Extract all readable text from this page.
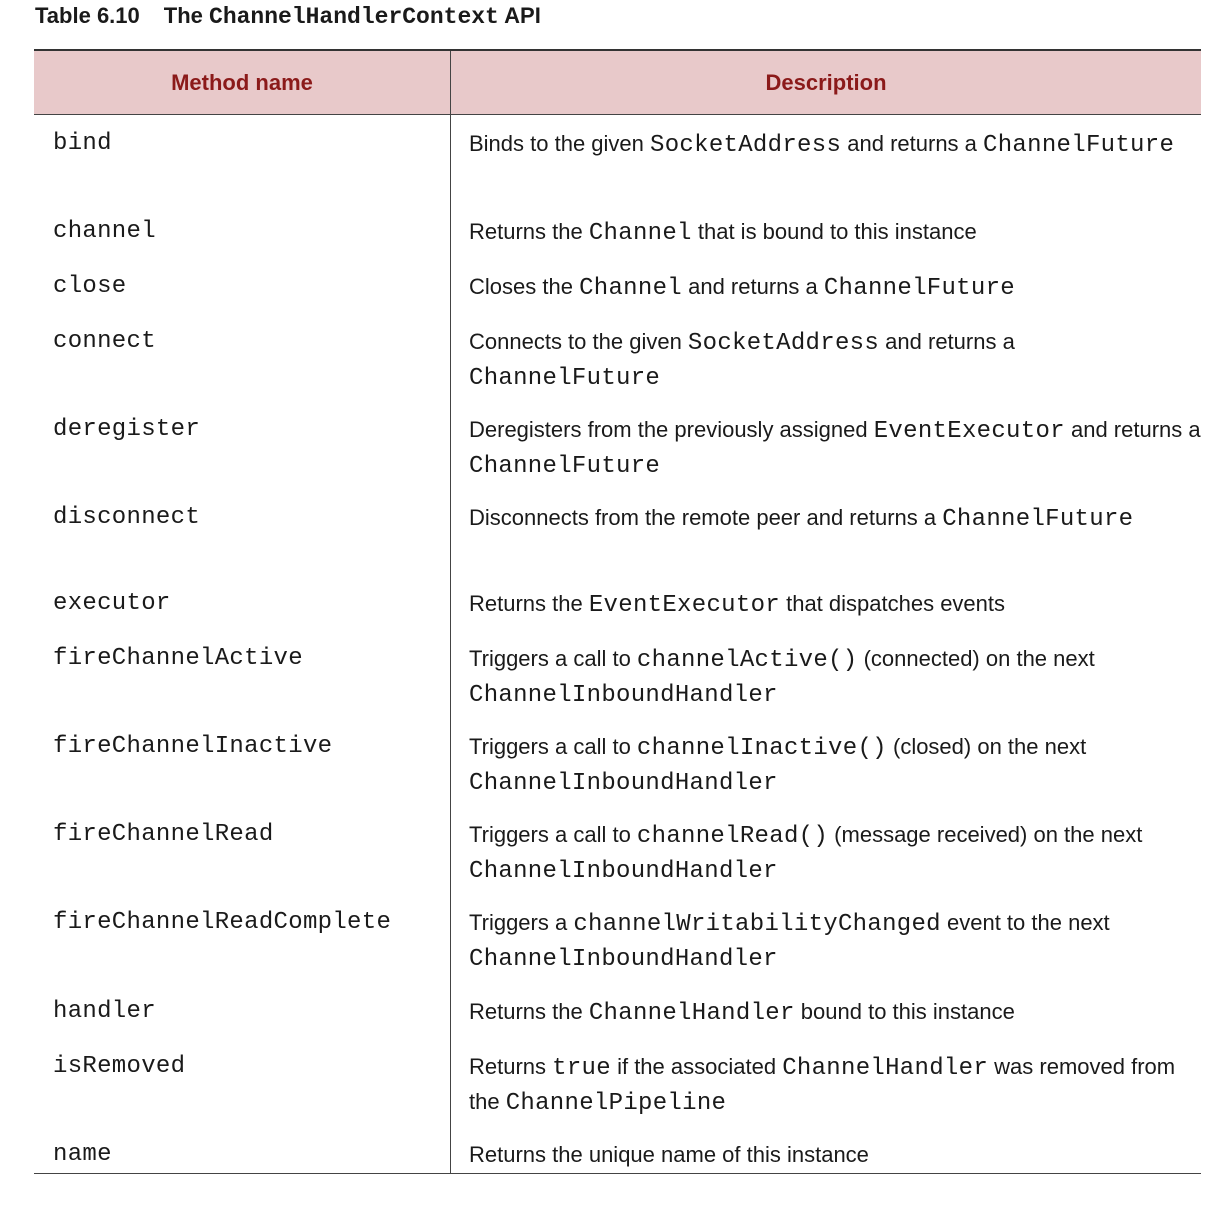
Table 6.10 The ChannelHandlerContext API
Method name	Description
bind	Binds to the given SocketAddress and returns a ChannelFuture
channel	Returns the Channel that is bound to this instance
close	Closes the Channel and returns a ChannelFuture
connect	Connects to the given SocketAddress and returns a ChannelFuture
deregister	Deregisters from the previously assigned EventExecutor and returns a ChannelFuture
disconnect	Disconnects from the remote peer and returns a ChannelFuture
executor	Returns the EventExecutor that dispatches events
fireChannelActive	Triggers a call to channelActive() (connected) on the next ChannelInboundHandler
fireChannelInactive	Triggers a call to channelInactive() (closed) on the next ChannelInboundHandler
fireChannelRead	Triggers a call to channelRead() (message received) on the next ChannelInboundHandler
fireChannelReadComplete	Triggers a channelWritabilityChanged event to the next ChannelInboundHandler
handler	Returns the ChannelHandler bound to this instance
isRemoved	Returns true if the associated ChannelHandler was removed from the ChannelPipeline
name	Returns the unique name of this instance
